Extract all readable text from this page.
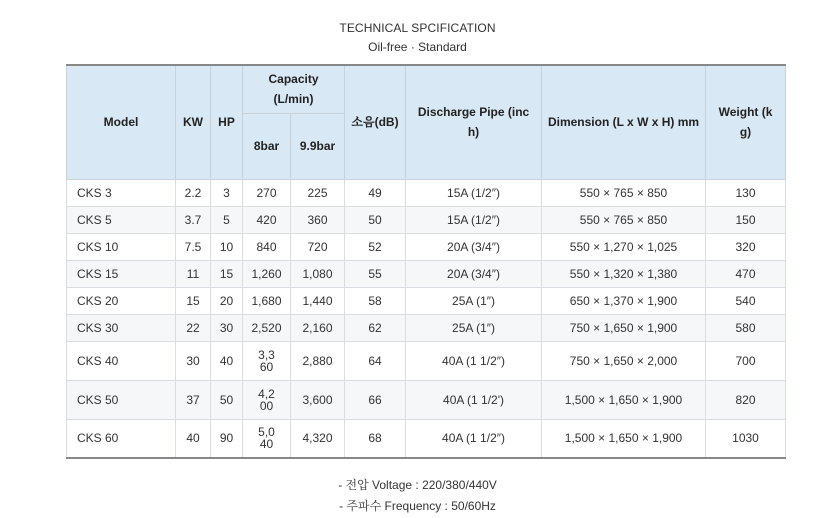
TECHNICAL SPCIFICATION
Oil-free · Standard
Model	KW	HP	Capacity (L/min)		소음(dB)	Discharge Pipe (inch)	Dimension (L x W x H) mm	Weight (kg)
			8bar	9.9bar				
CKS 3	2.2	3	270	225	49	15A (1/2″)	550 × 765 × 850	130
CKS 5	3.7	5	420	360	50	15A (1/2″)	550 × 765 × 850	150
CKS 10	7.5	10	840	720	52	20A (3/4″)	550 × 1,270 × 1,025	320
CKS 15	11	15	1,260	1,080	55	20A (3/4″)	550 × 1,320 × 1,380	470
CKS 20	15	20	1,680	1,440	58	25A (1″)	650 × 1,370 × 1,900	540
CKS 30	22	30	2,520	2,160	62	25A (1″)	750 × 1,650 × 1,900	580
CKS 40	30	40	3,360	2,880	64	40A (1 1/2″)	750 × 1,650 × 2,000	700
CKS 50	37	50	4,200	3,600	66	40A (1 1/2')	1,500 × 1,650 × 1,900	820
CKS 60	40	90	5,040	4,320	68	40A (1 1/2″)	1,500 × 1,650 × 1,900	1030
- 전압 Voltage : 220/380/440V
- 주파수 Frequency : 50/60Hz
